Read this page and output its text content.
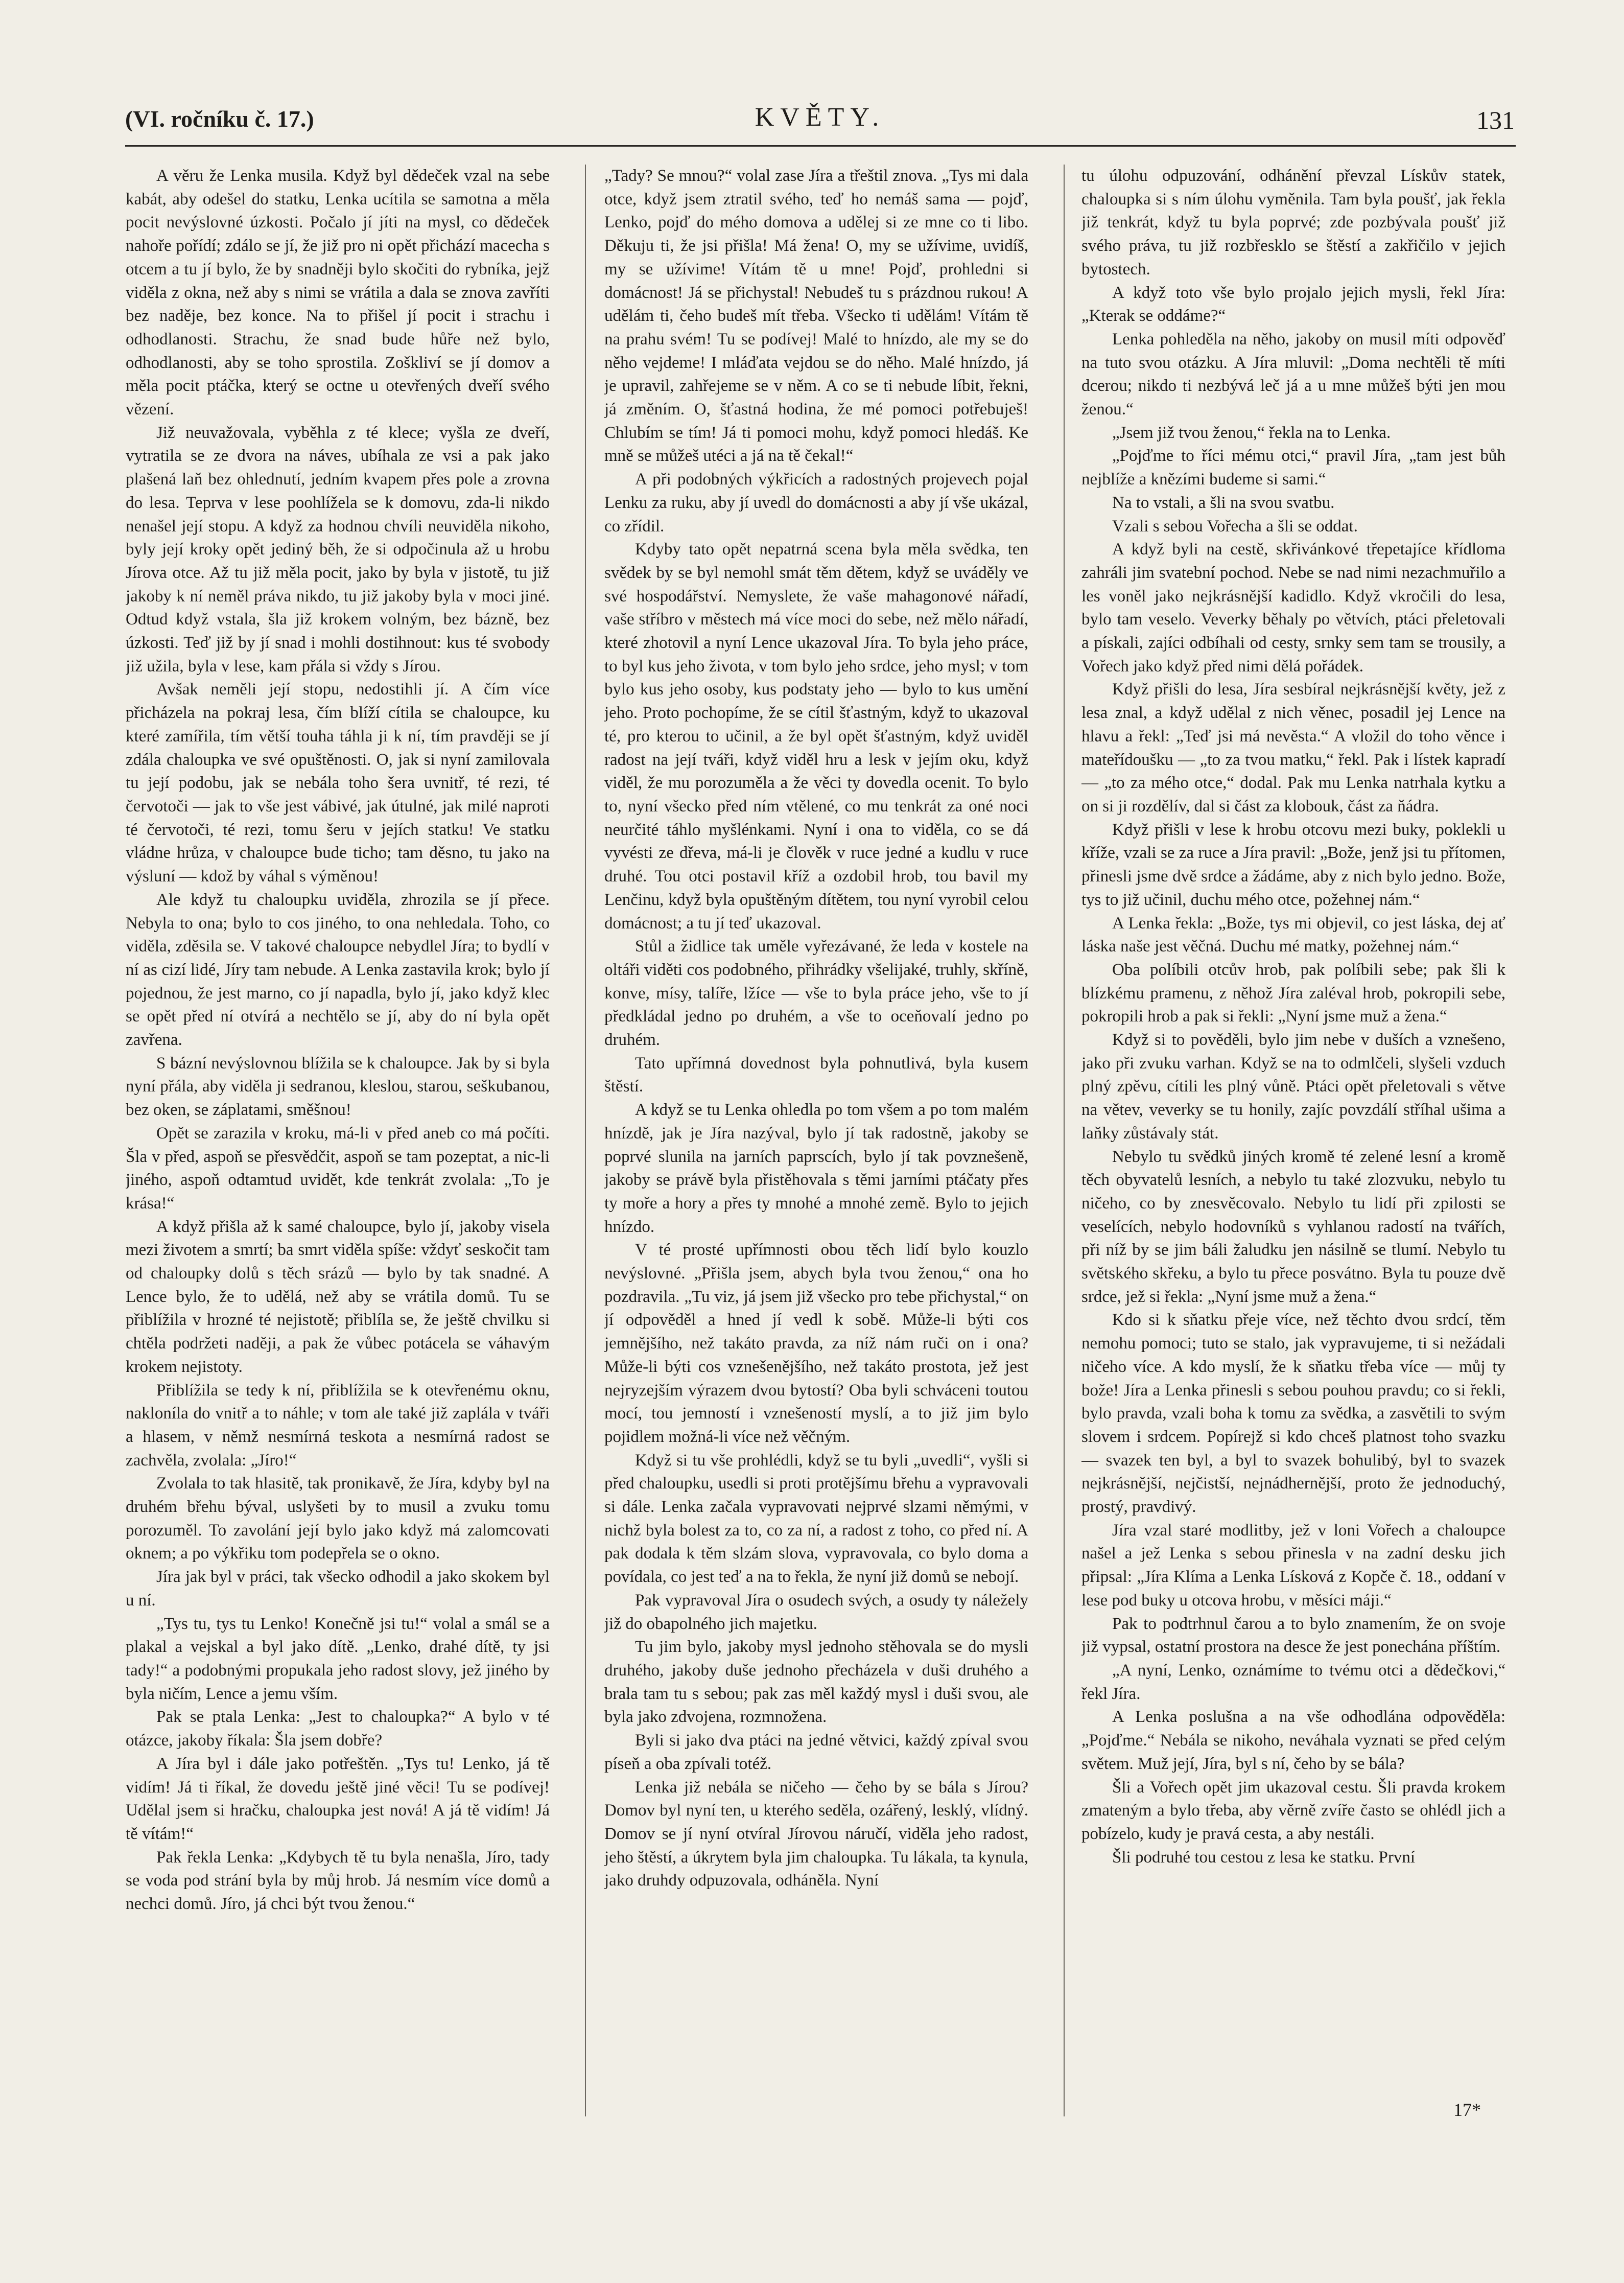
(VI. ročníku č. 17.)	KVĚTY.	131

A věru že Lenka musila. Když byl dědeček vzal na sebe kabát, aby odešel do statku, Lenka ucítila se samotna a měla pocit nevýslovné úzkosti. Počalo jí jíti na mysl, co dědeček nahoře pořídí; zdálo se jí, že již pro ni opět přichází macecha s otcem a tu jí bylo, že by snadněji bylo skočiti do rybníka, jejž viděla z okna, než aby s nimi se vrátila a dala se znova zavříti bez naděje, bez konce. Na to přišel jí pocit i strachu i odhodlanosti. Strachu, že snad bude hůře než bylo, odhodlanosti, aby se toho sprostila. Zoškliví se jí domov a měla pocit ptáčka, který se octne u otevřených dveří svého vězení.

Již neuvažovala, vyběhla z té klece; vyšla ze dveří, vytratila se ze dvora na náves, ubíhala ze vsi a pak jako plašená laň bez ohlednutí, jedním kvapem přes pole a zrovna do lesa. Teprva v lese poohlížela se k domovu, zda-li nikdo nenašel její stopu. A když za hodnou chvíli neuviděla nikoho, byly její kroky opět jediný běh, že si odpočinula až u hrobu Jírova otce. Až tu již měla pocit, jako by byla v jistotě, tu již jakoby k ní neměl práva nikdo, tu již jakoby byla v moci jiné. Odtud když vstala, šla již krokem volným, bez bázně, bez úzkosti. Teď již by jí snad i mohli dostihnout: kus té svobody již užila, byla v lese, kam přála si vždy s Jírou.

Avšak neměli její stopu, nedostihli jí. A čím více přicházela na pokraj lesa, čím blíží cítila se chaloupce, ku které zamířila, tím větší touha táhla ji k ní, tím pravději se jí zdála chaloupka ve své opuštěnosti. O, jak si nyní zamilovala tu její podobu, jak se nebála toho šera uvnitř, té rezi, té červotoči — jak to vše jest vábivé, jak útulné, jak milé naproti té červotoči, té rezi, tomu šeru v jejích statku! Ve statku vládne hrůza, v chaloupce bude ticho; tam děsno, tu jako na výsluní — kdož by váhal s výměnou!

Ale když tu chaloupku uviděla, zhrozila se jí přece. Nebyla to ona; bylo to cos jiného, to ona nehledala. Toho, co viděla, zděsila se. V takové chaloupce nebydlel Jíra; to bydlí v ní as cizí lidé, Jíry tam nebude. A Lenka zastavila krok; bylo jí pojednou, že jest marno, co jí napadla, bylo jí, jako když klec se opět před ní otvírá a nechtělo se jí, aby do ní byla opět zavřena.

S bázní nevýslovnou blížila se k chaloupce. Jak by si byla nyní přála, aby viděla ji sedranou, kleslou, starou, seškubanou, bez oken, se záplatami, směšnou!

Opět se zarazila v kroku, má-li v před aneb co má počíti. Šla v před, aspoň se přesvědčit, aspoň se tam pozeptat, a nic-li jiného, aspoň odtamtud uvidět, kde tenkrát zvolala: „To je krása!“

A když přišla až k samé chaloupce, bylo jí, jakoby visela mezi životem a smrtí; ba smrt viděla spíše: vždyť seskočit tam od chaloupky dolů s těch srázů — bylo by tak snadné. A Lence bylo, že to udělá, než aby se vrátila domů. Tu se přiblížila v hrozné té nejistotě; přiblíla se, že ještě chvilku si chtěla podržeti naději, a pak že vůbec potácela se váhavým krokem nejistoty.

Přiblížila se tedy k ní, přiblížila se k otevřenému oknu, nakloníla do vnitř a to náhle; v tom ale také již zaplála v tváři a hlasem, v němž nesmírná teskota a nesmírná radost se zachvěla, zvolala: „Jíro!“

Zvolala to tak hlasitě, tak pronikavě, že Jíra, kdyby byl na druhém břehu býval, uslyšeti by to musil a zvuku tomu porozuměl. To zavolání její bylo jako když má zalomcovati oknem; a po výkřiku tom podepřela se o okno.

Jíra jak byl v práci, tak všecko odhodil a jako skokem byl u ní.

„Tys tu, tys tu Lenko! Konečně jsi tu!“ volal a smál se a plakal a vejskal a byl jako dítě. „Lenko, drahé dítě, ty jsi tady!“ a podobnými propukala jeho radost slovy, jež jiného by byla ničím, Lence a jemu vším.

Pak se ptala Lenka: „Jest to chaloupka?“ A bylo v té otázce, jakoby říkala: Šla jsem dobře?

A Jíra byl i dále jako potřeštěn. „Tys tu! Lenko, já tě vidím! Já ti říkal, že dovedu ještě jiné věci! Tu se podívej! Udělal jsem si hračku, chaloupka jest nová! A já tě vidím! Já tě vítám!“

Pak řekla Lenka: „Kdybych tě tu byla nenašla, Jíro, tady se voda pod strání byla by můj hrob. Já nesmím více domů a nechci domů. Jíro, já chci být tvou ženou.“

„Tady? Se mnou?“ volal zase Jíra a třeštil znova. „Tys mi dala otce, když jsem ztratil svého, teď ho nemáš sama — pojď, Lenko, pojď do mého domova a udělej si ze mne co ti libo. Děkuju ti, že jsi přišla! Má žena! O, my se užívime, uvidíš, my se užívime! Vítám tě u mne! Pojď, prohledni si domácnost! Já se přichystal! Nebudeš tu s prázdnou rukou! A udělám ti, čeho budeš mít třeba. Všecko ti udělám! Vítám tě na prahu svém! Tu se podívej! Malé to hnízdo, ale my se do něho vejdeme! I mláďata vejdou se do něho. Malé hnízdo, já je upravil, zahřejeme se v něm. A co se ti nebude líbit, řekni, já změním. O, šťastná hodina, že mé pomoci potřebuješ! Chlubím se tím! Já ti pomoci mohu, když pomoci hledáš. Ke mně se můžeš utéci a já na tě čekal!“

A při podobných výkřicích a radostných projevech pojal Lenku za ruku, aby jí uvedl do domácnosti a aby jí vše ukázal, co zřídil.

Kdyby tato opět nepatrná scena byla měla svědka, ten svědek by se byl nemohl smát těm dětem, když se uváděly ve své hospodářství. Nemyslete, že vaše mahagonové nářadí, vaše stříbro v městech má více moci do sebe, než mělo nářadí, které zhotovil a nyní Lence ukazoval Jíra. To byla jeho práce, to byl kus jeho života, v tom bylo jeho srdce, jeho mysl; v tom bylo kus jeho osoby, kus podstaty jeho — bylo to kus umění jeho. Proto pochopíme, že se cítil šťastným, když to ukazoval té, pro kterou to učinil, a že byl opět šťastným, když uviděl radost na její tváři, když viděl hru a lesk v jejím oku, když viděl, že mu porozuměla a že věci ty dovedla ocenit. To bylo to, nyní všecko před ním vtělené, co mu tenkrát za oné noci neurčité táhlo myšlénkami. Nyní i ona to viděla, co se dá vyvésti ze dřeva, má-li je člověk v ruce jedné a kudlu v ruce druhé. Tou otci postavil kříž a ozdobil hrob, tou bavil my Lenčinu, když byla opuštěným dítětem, tou nyní vyrobil celou domácnost; a tu jí teď ukazoval.

Stůl a židlice tak uměle vyřezávané, že leda v kostele na oltáři viděti cos podobného, přihrádky všelijaké, truhly, skříně, konve, mísy, talíře, lžíce — vše to byla práce jeho, vše to jí předkládal jedno po druhém, a vše to oceňovalí jedno po druhém.

Tato upřímná dovednost byla pohnutlivá, byla kusem štěstí.

A když se tu Lenka ohledla po tom všem a po tom malém hnízdě, jak je Jíra nazýval, bylo jí tak radostně, jakoby se poprvé slunila na jarních paprscích, bylo jí tak povznešeně, jakoby se právě byla přistěhovala s těmi jarními ptáčaty přes ty moře a hory a přes ty mnohé a mnohé země. Bylo to jejich hnízdo.

V té prosté upřímnosti obou těch lidí bylo kouzlo nevýslovné. „Přišla jsem, abych byla tvou ženou,“ ona ho pozdravila. „Tu viz, já jsem již všecko pro tebe přichystal,“ on jí odpověděl a hned jí vedl k sobě. Může-li býti cos jemnějšího, než takáto pravda, za níž nám ruči on i ona? Může-li býti cos vznešenějšího, než takáto prostota, jež jest nejryzejším výrazem dvou bytostí? Oba byli schváceni toutou mocí, tou jemností i vznešeností myslí, a to již jim bylo pojidlem možná-li více než věčným.

Když si tu vše prohlédli, když se tu byli „uvedli“, vyšli si před chaloupku, usedli si proti protějšímu břehu a vypravovali si dále. Lenka začala vypravovati nejprvé slzami němými, v nichž byla bolest za to, co za ní, a radost z toho, co před ní. A pak dodala k těm slzám slova, vypravovala, co bylo doma a povídala, co jest teď a na to řekla, že nyní již domů se nebojí.

Pak vypravoval Jíra o osudech svých, a osudy ty náležely již do obapolného jich majetku.

Tu jim bylo, jakoby mysl jednoho stěhovala se do mysli druhého, jakoby duše jednoho přecházela v duši druhého a brala tam tu s sebou; pak zas měl každý mysl i duši svou, ale byla jako zdvojena, rozmnožena.

Byli si jako dva ptáci na jedné větvici, každý zpíval svou píseň a oba zpívali totéž.

Lenka již nebála se ničeho — čeho by se bála s Jírou? Domov byl nyní ten, u kterého seděla, ozářený, lesklý, vlídný. Domov se jí nyní otvíral Jírovou náručí, viděla jeho radost, jeho štěstí, a úkrytem byla jim chaloupka. Tu lákala, ta kynula, jako druhdy odpuzovala, odháněla. Nyní

tu úlohu odpuzování, odhánění převzal Lískův statek, chaloupka si s ním úlohu vyměnila. Tam byla poušť, jak řekla již tenkrát, když tu byla poprvé; zde pozbývala poušť již svého práva, tu již rozbřesklo se štěstí a zakřičilo v jejich bytostech.

A když toto vše bylo projalo jejich mysli, řekl Jíra: „Kterak se oddáme?“

Lenka pohleděla na něho, jakoby on musil míti odpověď na tuto svou otázku. A Jíra mluvil: „Doma nechtěli tě míti dcerou; nikdo ti nezbývá leč já a u mne můžeš býti jen mou ženou.“

„Jsem již tvou ženou,“ řekla na to Lenka.

„Pojďme to říci mému otci,“ pravil Jíra, „tam jest bůh nejblíže a knězími budeme si sami.“

Na to vstali, a šli na svou svatbu.

Vzali s sebou Vořecha a šli se oddat.

A když byli na cestě, skřivánkové třepetajíce křídloma zahráli jim svatební pochod. Nebe se nad nimi nezachmuřilo a les voněl jako nejkrásnější kadidlo. Když vkročili do lesa, bylo tam veselo. Veverky běhaly po větvích, ptáci přeletovali a pískali, zajíci odbíhali od cesty, srnky sem tam se trousily, a Vořech jako když před nimi dělá pořádek.

Když přišli do lesa, Jíra sesbíral nejkrásnější květy, jež z lesa znal, a když udělal z nich věnec, posadil jej Lence na hlavu a řekl: „Teď jsi má nevěsta.“ A vložil do toho věnce i mateřídoušku — „to za tvou matku,“ řekl. Pak i lístek kapradí — „to za mého otce,“ dodal. Pak mu Lenka natrhala kytku a on si ji rozdělív, dal si část za klobouk, část za ňádra.

Když přišli v lese k hrobu otcovu mezi buky, poklekli u kříže, vzali se za ruce a Jíra pravil: „Bože, jenž jsi tu přítomen, přinesli jsme dvě srdce a žádáme, aby z nich bylo jedno. Bože, tys to již učinil, duchu mého otce, požehnej nám.“

A Lenka řekla: „Bože, tys mi objevil, co jest láska, dej ať láska naše jest věčná. Duchu mé matky, požehnej nám.“

Oba políbili otcův hrob, pak políbili sebe; pak šli k blízkému pramenu, z něhož Jíra zaléval hrob, pokropili sebe, pokropili hrob a pak si řekli: „Nyní jsme muž a žena.“

Když si to pověděli, bylo jim nebe v duších a vznešeno, jako při zvuku varhan. Když se na to odmlčeli, slyšeli vzduch plný zpěvu, cítili les plný vůně. Ptáci opět přeletovali s větve na větev, veverky se tu honily, zajíc povzdálí stříhal ušima a laňky zůstávaly stát.

Nebylo tu svědků jiných kromě té zelené lesní a kromě těch obyvatelů lesních, a nebylo tu také zlozvuku, nebylo tu ničeho, co by znesvěcovalo. Nebylo tu lidí při zpilosti se veselících, nebylo hodovníků s vyhlanou radostí na tvářích, při níž by se jim báli žaludku jen násilně se tlumí. Nebylo tu světského skřeku, a bylo tu přece posvátno. Byla tu pouze dvě srdce, jež si řekla: „Nyní jsme muž a žena.“

Kdo si k sňatku přeje více, než těchto dvou srdcí, těm nemohu pomoci; tuto se stalo, jak vypravujeme, ti si nežádali ničeho více. A kdo myslí, že k sňatku třeba více — můj ty bože! Jíra a Lenka přinesli s sebou pouhou pravdu; co si řekli, bylo pravda, vzali boha k tomu za svědka, a zasvětili to svým slovem i srdcem. Popírejž si kdo chceš platnost toho svazku — svazek ten byl, a byl to svazek bohulibý, byl to svazek nejkrásnější, nejčistší, nejnádhernější, proto že jednoduchý, prostý, pravdivý.

Jíra vzal staré modlitby, jež v loni Vořech a chaloupce našel a jež Lenka s sebou přinesla v na zadní desku jich připsal: „Jíra Klíma a Lenka Lísková z Kopče č. 18., oddaní v lese pod buky u otcova hrobu, v měsíci máji.“

Pak to podtrhnul čarou a to bylo znamením, že on svoje již vypsal, ostatní prostora na desce že jest ponechána příštím.

„A nyní, Lenko, oznámíme to tvému otci a dědečkovi,“ řekl Jíra.

A Lenka poslušna a na vše odhodlána odpověděla: „Pojďme.“ Nebála se nikoho, neváhala vyznati se před celým světem. Muž její, Jíra, byl s ní, čeho by se bála?

Šli a Vořech opět jim ukazoval cestu. Šli pravda krokem zmateným a bylo třeba, aby věrně zvíře často se ohlédl jich a pobízelo, kudy je pravá cesta, a aby nestáli.

Šli podruhé tou cestou z lesa ke statku. První

17*
